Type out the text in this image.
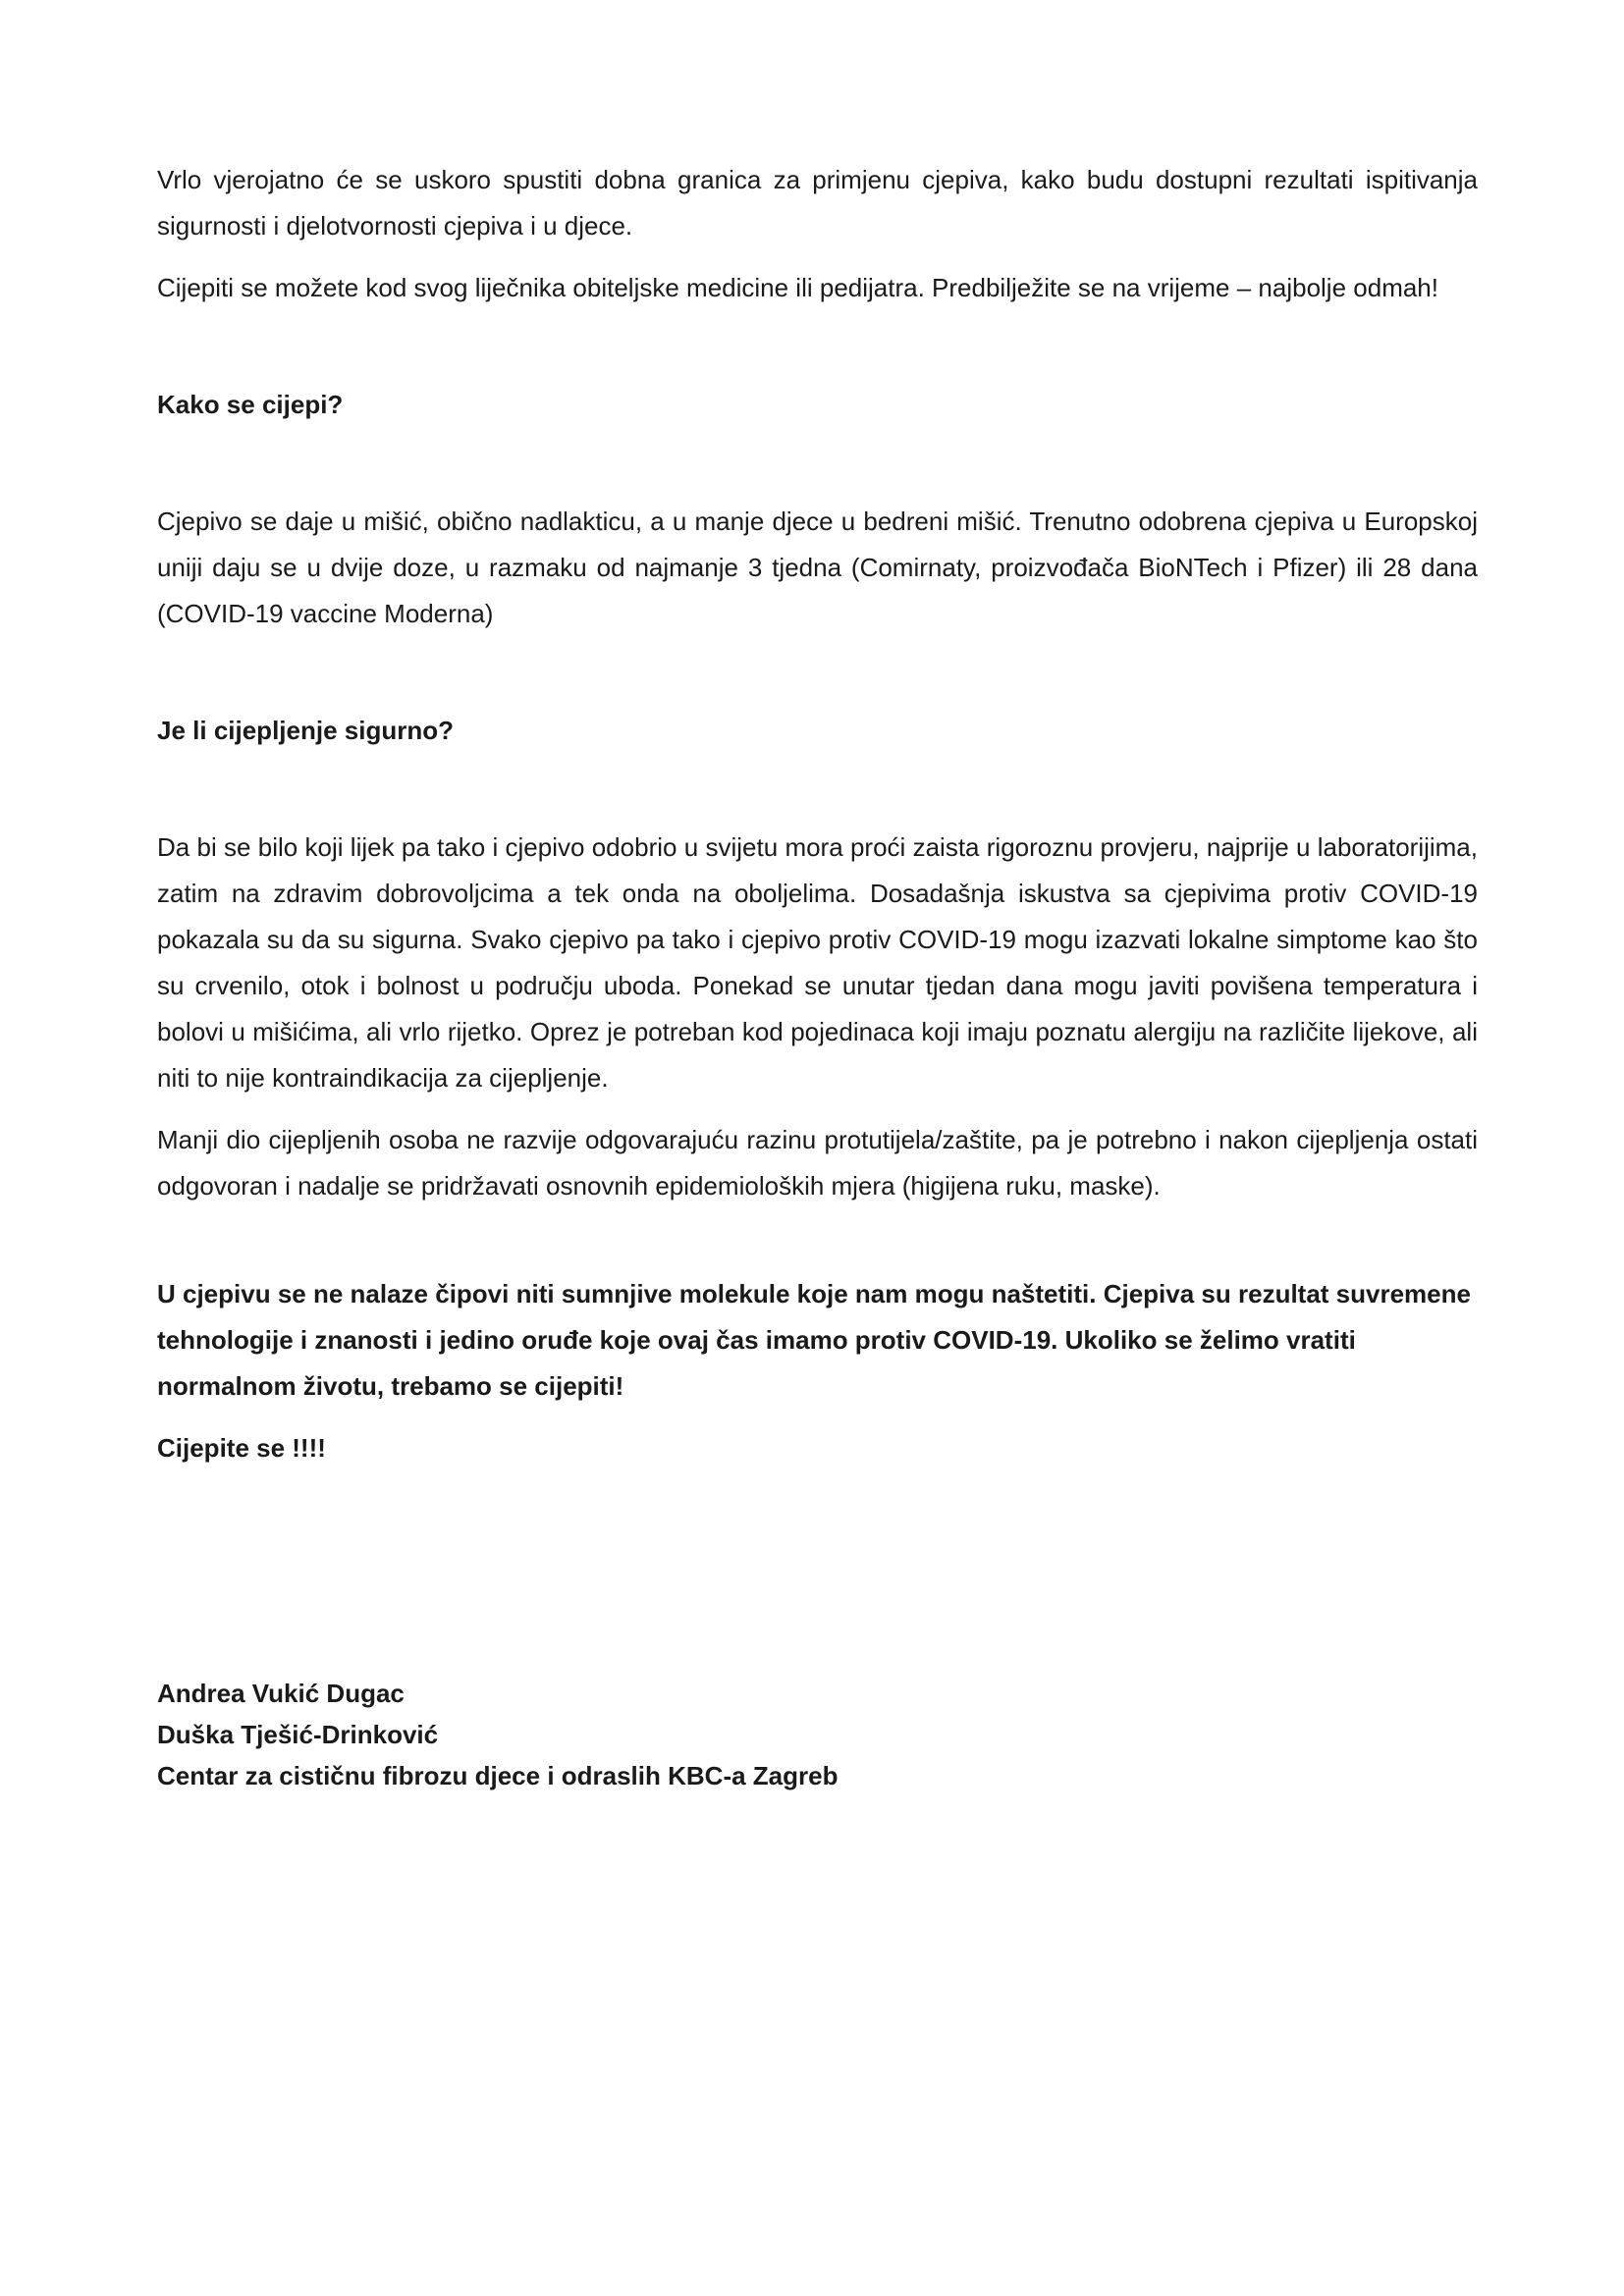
Vrlo vjerojatno će se uskoro spustiti dobna granica za primjenu cjepiva, kako budu dostupni rezultati ispitivanja sigurnosti i djelotvornosti cjepiva i u djece.

Cijepiti se možete kod svog liječnika obiteljske medicine ili pedijatra. Predbilježite se na vrijeme – najbolje odmah!

Kako se cijepi?

Cjepivo se daje u mišić, obično nadlakticu, a u manje djece u bedreni mišić. Trenutno odobrena cjepiva u Europskoj uniji daju se u dvije doze, u razmaku od najmanje 3 tjedna (Comirnaty, proizvođača BioNTech i Pfizer) ili 28 dana (COVID-19 vaccine Moderna)

Je li cijepljenje sigurno?

Da bi se bilo koji lijek pa tako i cjepivo odobrio u svijetu mora proći zaista rigoroznu provjeru, najprije u laboratorijima, zatim na zdravim dobrovoljcima a tek onda na oboljelima. Dosadašnja iskustva sa cjepivima protiv COVID-19 pokazala su da su sigurna. Svako cjepivo pa tako i cjepivo protiv COVID-19 mogu izazvati lokalne simptome kao što su crvenilo, otok i bolnost u području uboda. Ponekad se unutar tjedan dana mogu javiti povišena temperatura i bolovi u mišićima, ali vrlo rijetko. Oprez je potreban kod pojedinaca koji imaju poznatu alergiju na različite lijekove, ali niti to nije kontraindikacija za cijepljenje.

Manji dio cijepljenih osoba ne razvije odgovarajuću razinu protutijela/zaštite, pa je potrebno i nakon cijepljenja ostati odgovoran i nadalje se pridržavati osnovnih epidemioloških mjera (higijena ruku, maske).

U cjepivu se ne nalaze čipovi niti sumnjive molekule koje nam mogu naštetiti. Cjepiva su rezultat suvremene tehnologije i znanosti i jedino oruđe koje ovaj čas imamo protiv COVID-19. Ukoliko se želimo vratiti normalnom životu, trebamo se cijepiti!

Cijepite se !!!!

Andrea Vukić Dugac
Duška Tješić-Drinković
Centar za cističnu fibrozu djece i odraslih KBC-a Zagreb
